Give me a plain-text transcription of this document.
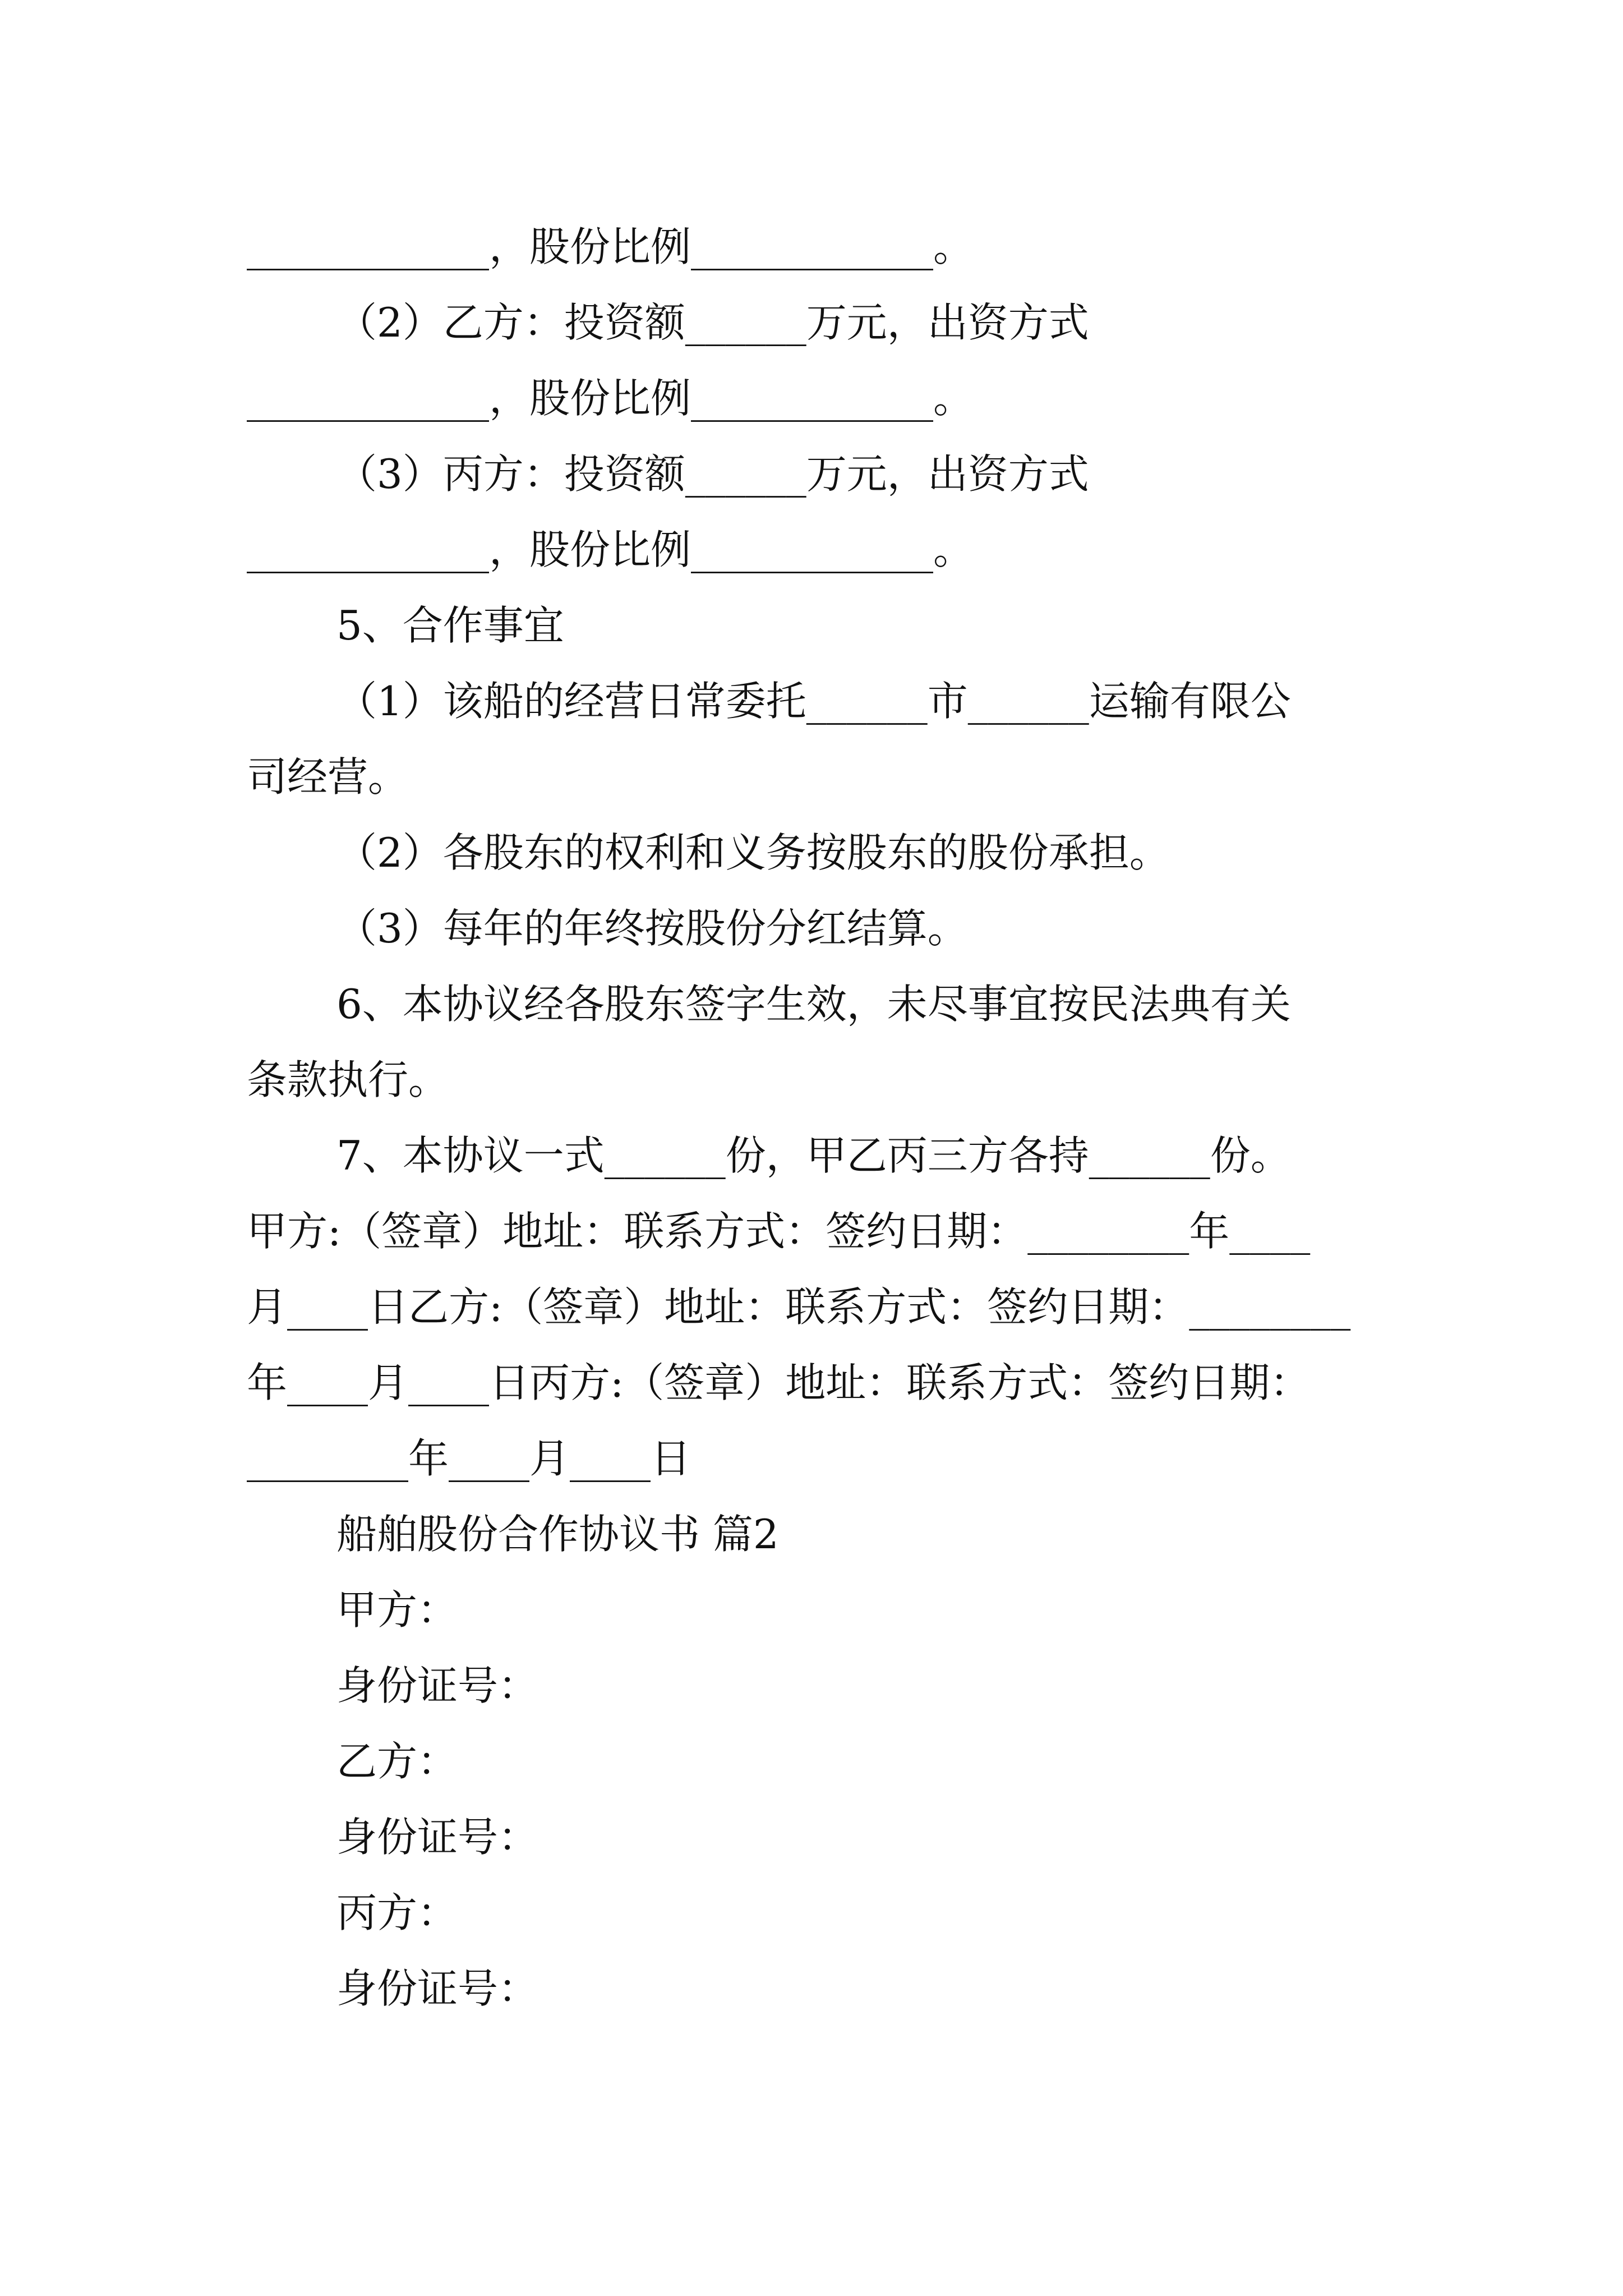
____________，股份比例____________。
（2）乙方：投资额______万元，出资方式
____________，股份比例____________。
（3）丙方：投资额______万元，出资方式
____________，股份比例____________。
5、合作事宜
（1）该船的经营日常委托______市______运输有限公
司经营。
（2）各股东的权利和义务按股东的股份承担。
（3）每年的年终按股份分红结算。
6、本协议经各股东签字生效，未尽事宜按民法典有关
条款执行。
7、本协议一式______份，甲乙丙三方各持______份。
甲方:（签章）地址：联系方式：签约日期：________年____
月____日乙方:（签章）地址：联系方式：签约日期：________
年____月____日丙方:（签章）地址：联系方式：签约日期：
________年____月____日
船舶股份合作协议书 篇2
甲方：
身份证号：
乙方：
身份证号：
丙方：
身份证号：
